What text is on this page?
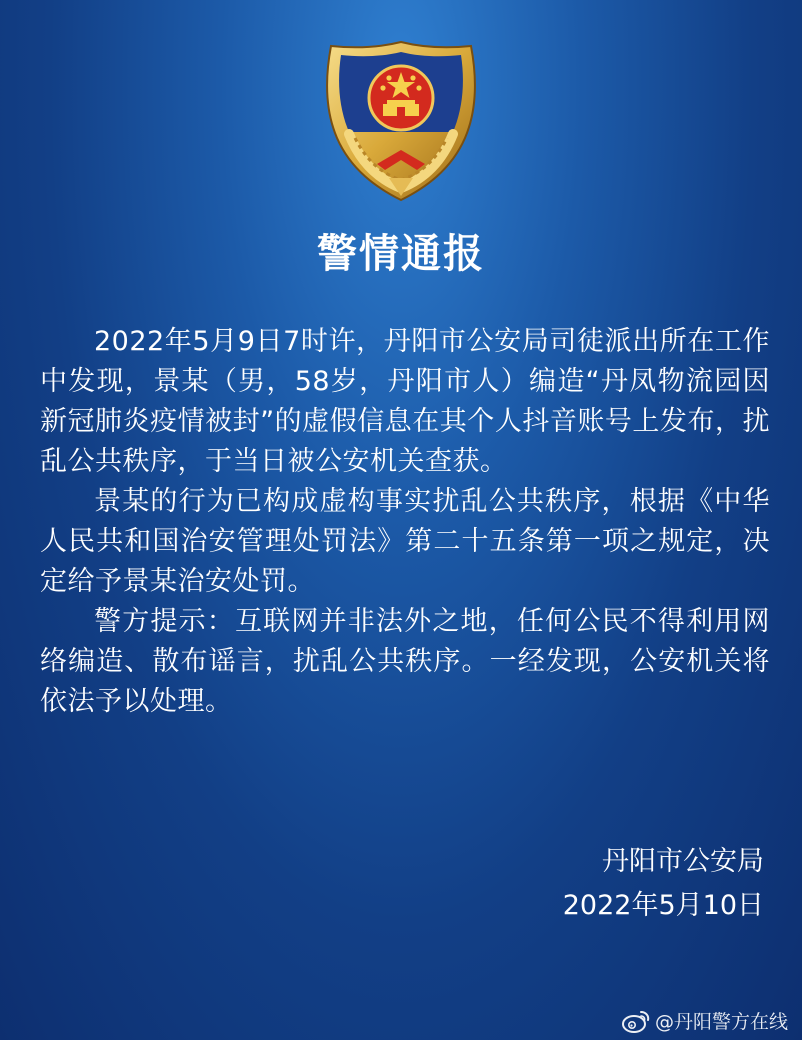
警情通报

2022年5月9日7时许，丹阳市公安局司徒派出所在工作中发现，景某（男，58岁，丹阳市人）编造“丹凤物流园因新冠肺炎疫情被封”的虚假信息在其个人抖音账号上发布，扰乱公共秩序，于当日被公安机关查获。

景某的行为已构成虚构事实扰乱公共秩序，根据《中华人民共和国治安管理处罚法》第二十五条第一项之规定，决定给予景某治安处罚。

警方提示：互联网并非法外之地，任何公民不得利用网络编造、散布谣言，扰乱公共秩序。一经发现，公安机关将依法予以处理。

丹阳市公安局
2022年5月10日
@丹阳警方在线
